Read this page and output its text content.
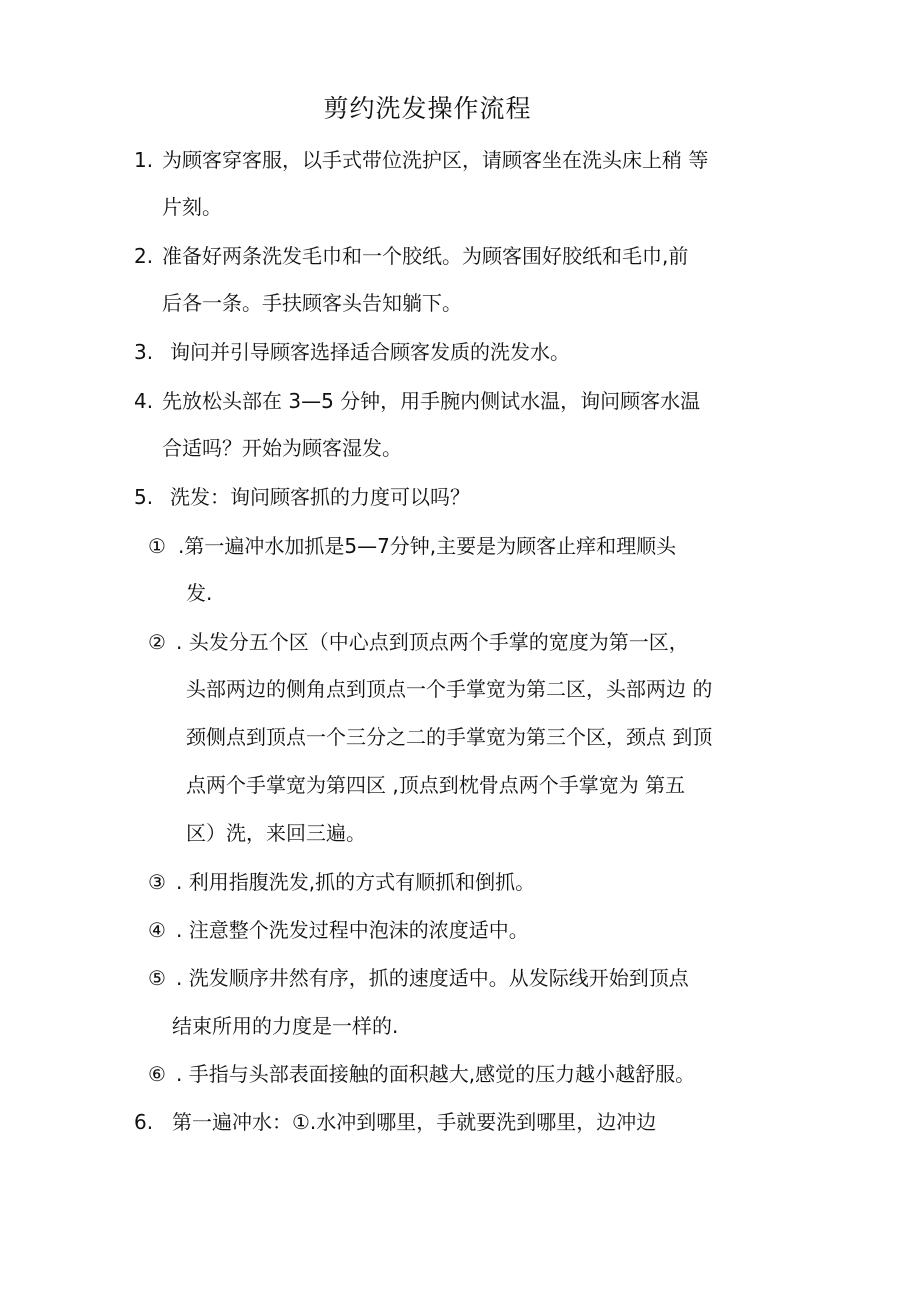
剪约洗发操作流程
1. 为顾客穿客服，以手式带位洗护区，请顾客坐在洗头床上稍 等
片刻。
2. 准备好两条洗发毛巾和一个胶纸。为顾客围好胶纸和毛巾,前
后各一条。手扶顾客头告知躺下。
3. 询问并引导顾客选择适合顾客发质的洗发水。
4. 先放松头部在 3—5 分钟，用手腕内侧试水温，询问顾客水温
合适吗？开始为顾客湿发。
5. 洗发：询问顾客抓的力度可以吗？
① .第一遍冲水加抓是5—7分钟,主要是为顾客止痒和理顺头
发.
② . 头发分五个区（中心点到顶点两个手掌的宽度为第一区，
头部两边的侧角点到顶点一个手掌宽为第二区，头部两边 的
颈侧点到顶点一个三分之二的手掌宽为第三个区，颈点 到顶
点两个手掌宽为第四区 ,顶点到枕骨点两个手掌宽为 第五
区）洗，来回三遍。
③ . 利用指腹洗发,抓的方式有顺抓和倒抓。
④ . 注意整个洗发过程中泡沫的浓度适中。
⑤ . 洗发顺序井然有序，抓的速度适中。从发际线开始到顶点
结束所用的力度是一样的.
⑥ . 手指与头部表面接触的面积越大,感觉的压力越小越舒服。
6. 第一遍冲水：①.水冲到哪里，手就要洗到哪里，边冲边
